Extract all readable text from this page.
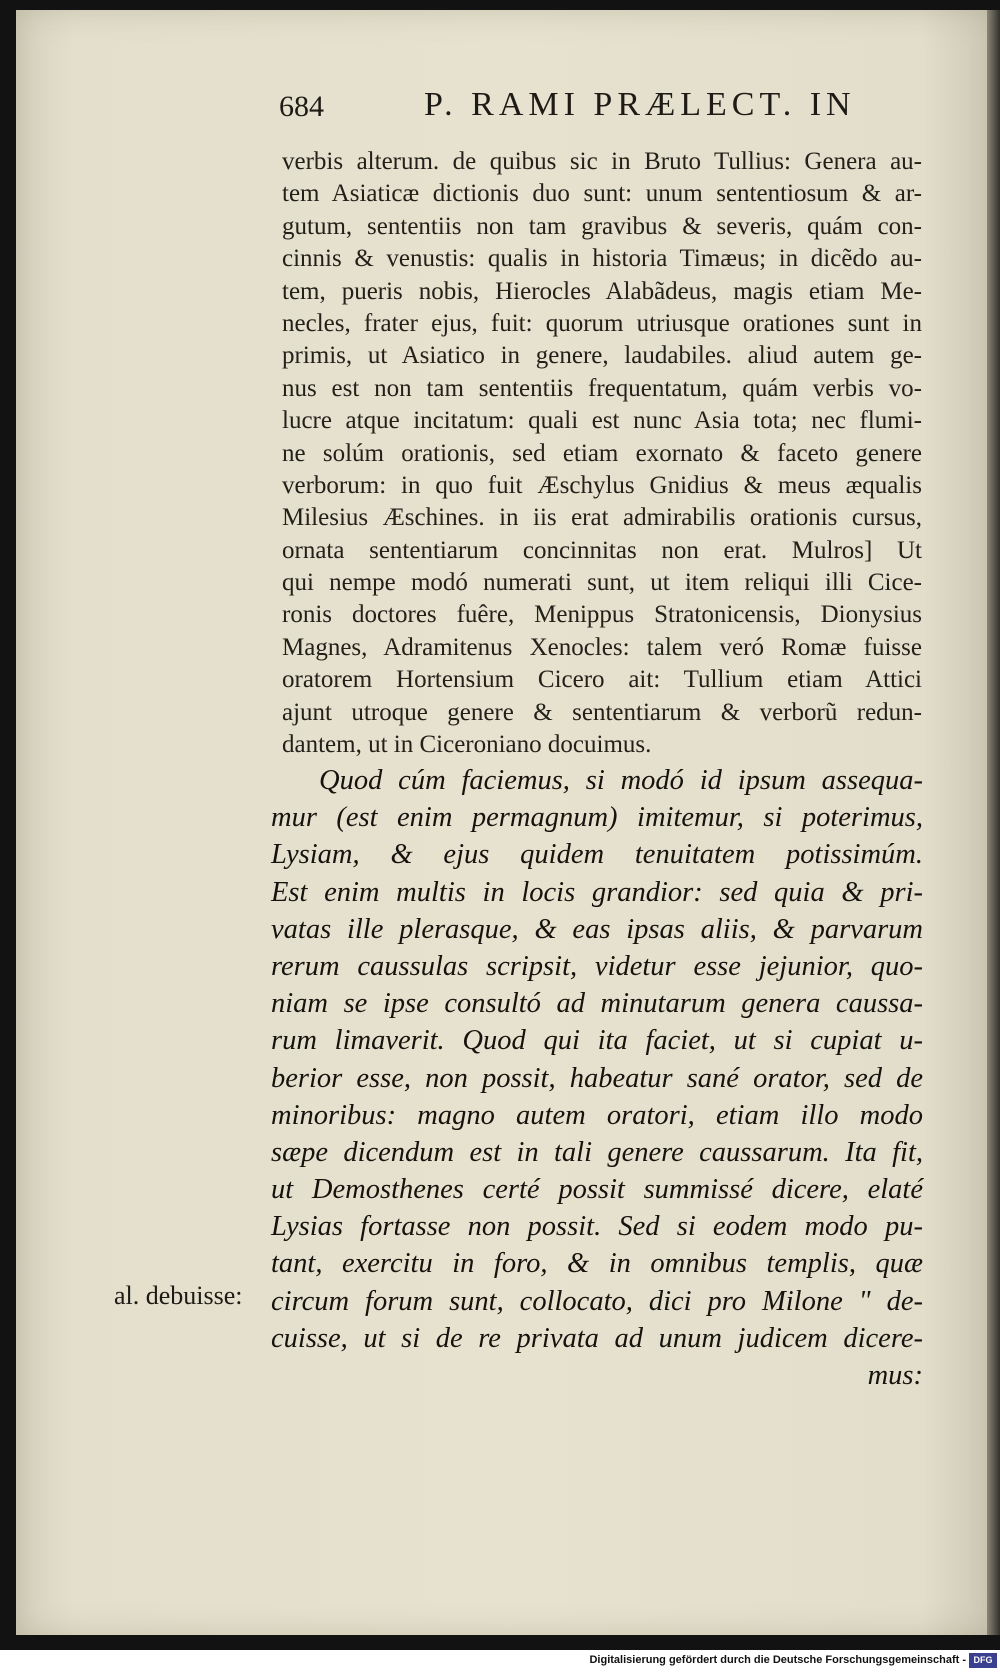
684	P. RAMI PRÆLECT. IN
verbis alterum. de quibus sic in Bruto Tullius: Genera au-
tem Asiaticæ dictionis duo sunt: unum sententiosum & ar-
gutum, sententiis non tam gravibus & severis, quám con-
cinnis & venustis: qualis in historia Timæus; in dicẽdo au-
tem, pueris nobis, Hierocles Alabãdeus, magis etiam Me-
necles, frater ejus, fuit: quorum utriusque orationes sunt in
primis, ut Asiatico in genere, laudabiles. aliud autem ge-
nus est non tam sententiis frequentatum, quám verbis vo-
lucre atque incitatum: quali est nunc Asia tota; nec flumi-
ne solúm orationis, sed etiam exornato & faceto genere
verborum: in quo fuit Æschylus Gnidius & meus æqualis
Milesius Æschines. in iis erat admirabilis orationis cursus,
ornata sententiarum concinnitas non erat. Mulros] Ut
qui nempe modó numerati sunt, ut item reliqui illi Cice-
ronis doctores fuêre, Menippus Stratonicensis, Dionysius
Magnes, Adramitenus Xenocles: talem veró Romæ fuisse
oratorem Hortensium Cicero ait: Tullium etiam Attici
ajunt utroque genere & sententiarum & verborũ redun-
dantem, ut in Ciceroniano docuimus.
Quod cúm faciemus, si modó id ipsum assequa-
mur (est enim permagnum) imitemur, si poterimus,
Lysiam, & ejus quidem tenuitatem potissimúm.
Est enim multis in locis grandior: sed quia & pri-
vatas ille plerasque, & eas ipsas aliis, & parvarum
rerum caussulas scripsit, videtur esse jejunior, quo-
niam se ipse consultó ad minutarum genera caussa-
rum limaverit. Quod qui ita faciet, ut si cupiat u-
berior esse, non possit, habeatur sané orator, sed de
minoribus: magno autem oratori, etiam illo modo
sæpe dicendum est in tali genere caussarum. Ita fit,
ut Demosthenes certé possit summissé dicere, elaté
Lysias fortasse non possit. Sed si eodem modo pu-
tant, exercitu in foro, & in omnibus templis, quæ
circum forum sunt, collocato, dici pro Milone " de-
cuisse, ut si de re privata ad unum judicem dicere-
mus:
al. debuisse:
Digitalisierung gefördert durch die Deutsche Forschungsgemeinschaft - DFG
